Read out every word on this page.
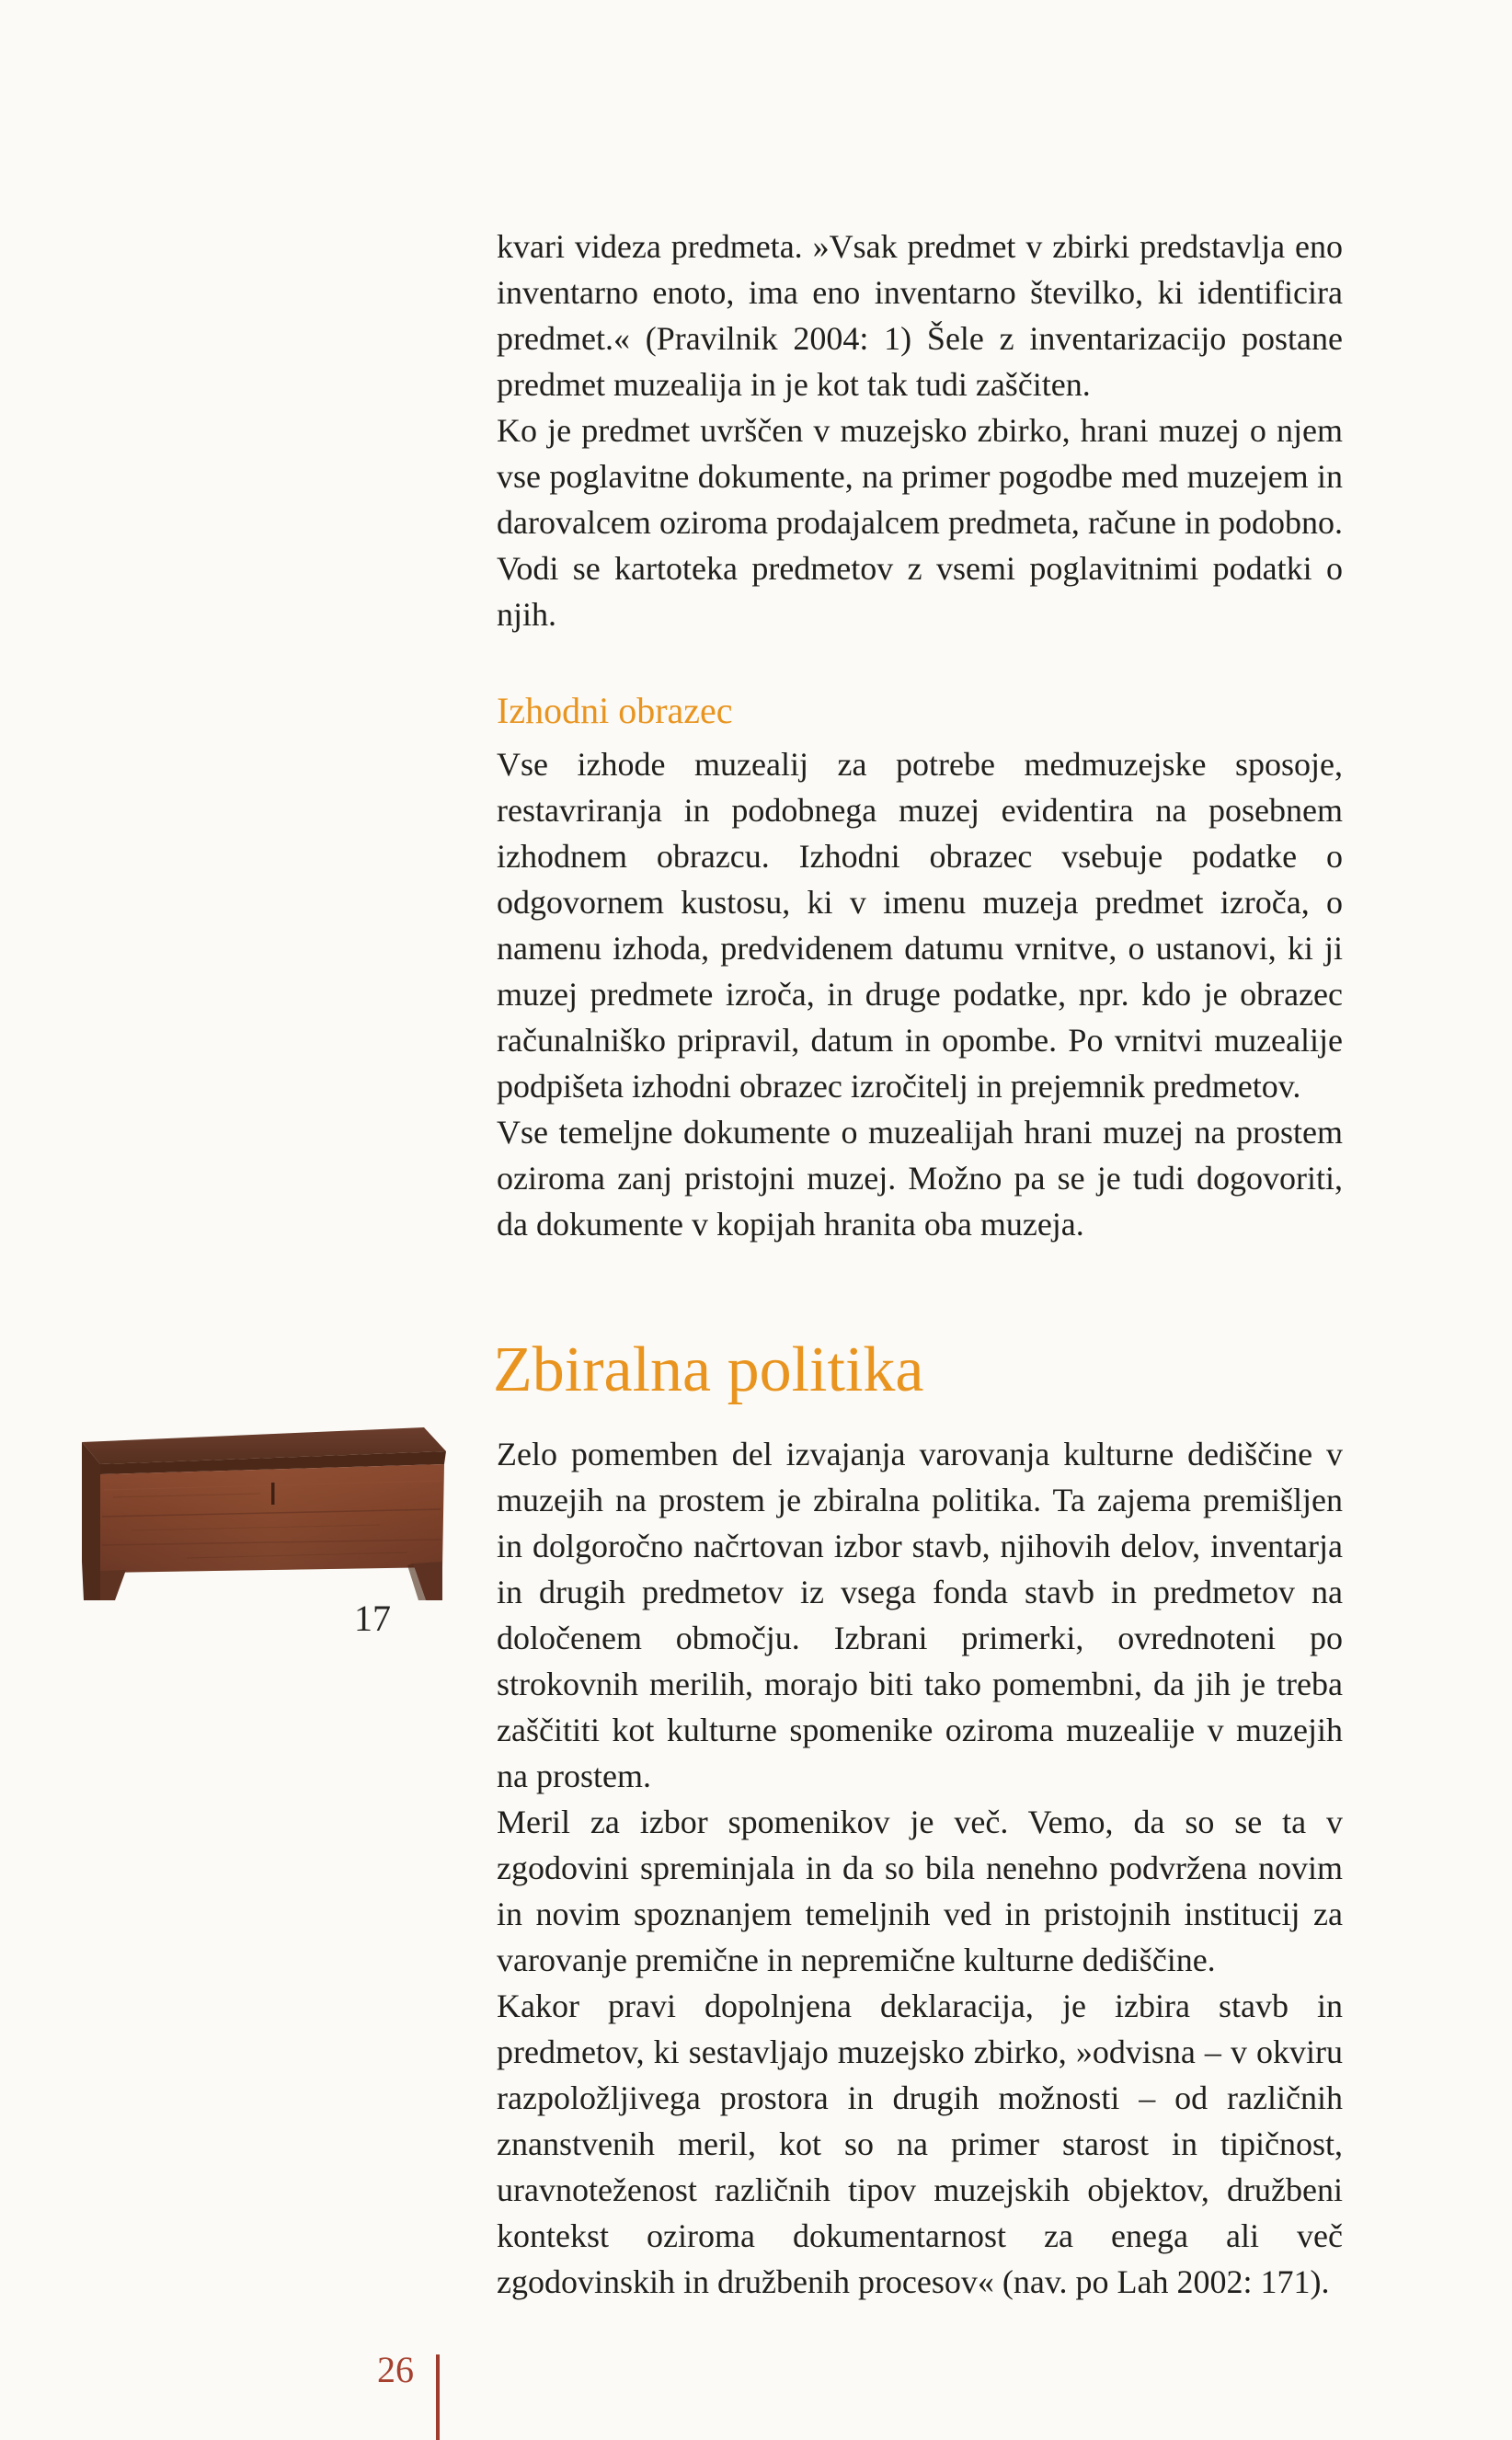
kvari videza predmeta. »Vsak predmet v zbirki predstavlja eno inventarno enoto, ima eno inventarno številko, ki identificira predmet.« (Pravilnik 2004: 1) Šele z inventarizacijo postane predmet muzealija in je kot tak tudi zaščiten.

Ko je predmet uvrščen v muzejsko zbirko, hrani muzej o njem vse poglavitne dokumente, na primer pogodbe med muzejem in darovalcem oziroma prodajalcem predmeta, račune in podobno. Vodi se kartoteka predmetov z vsemi poglavitnimi podatki o njih.

Izhodni obrazec

Vse izhode muzealij za potrebe medmuzejske sposoje, restavriranja in podobnega muzej evidentira na posebnem izhodnem obrazcu. Izhodni obrazec vsebuje podatke o odgovornem kustosu, ki v imenu muzeja predmet izroča, o namenu izhoda, predvidenem datumu vrnitve, o ustanovi, ki ji muzej predmete izroča, in druge podatke, npr. kdo je obrazec računalniško pripravil, datum in opombe. Po vrnitvi muzealije podpišeta izhodni obrazec izročitelj in prejemnik predmetov.

Vse temeljne dokumente o muzealijah hrani muzej na prostem oziroma zanj pristojni muzej. Možno pa se je tudi dogovoriti, da dokumente v kopijah hranita oba muzeja.

Zbiralna politika
17

Zelo pomemben del izvajanja varovanja kulturne dediščine v muzejih na prostem je zbiralna politika. Ta zajema premišljen in dolgoročno načrtovan izbor stavb, njihovih delov, inventarja in drugih predmetov iz vsega fonda stavb in predmetov na določenem območju. Izbrani primerki, ovrednoteni po strokovnih merilih, morajo biti tako pomembni, da jih je treba zaščititi kot kulturne spomenike oziroma muzealije v muzejih na prostem.

Meril za izbor spomenikov je več. Vemo, da so se ta v zgodovini spreminjala in da so bila nenehno podvržena novim in novim spoznanjem temeljnih ved in pristojnih institucij za varovanje premične in nepremične kulturne dediščine.

Kakor pravi dopolnjena deklaracija, je izbira stavb in predmetov, ki sestavljajo muzejsko zbirko, »odvisna – v okviru razpoložljivega prostora in drugih možnosti – od različnih znanstvenih meril, kot so na primer starost in tipičnost, uravnoteženost različnih tipov muzejskih objektov, družbeni kontekst oziroma dokumentarnost za enega ali več zgodovinskih in družbenih procesov« (nav. po Lah 2002: 171).

26
